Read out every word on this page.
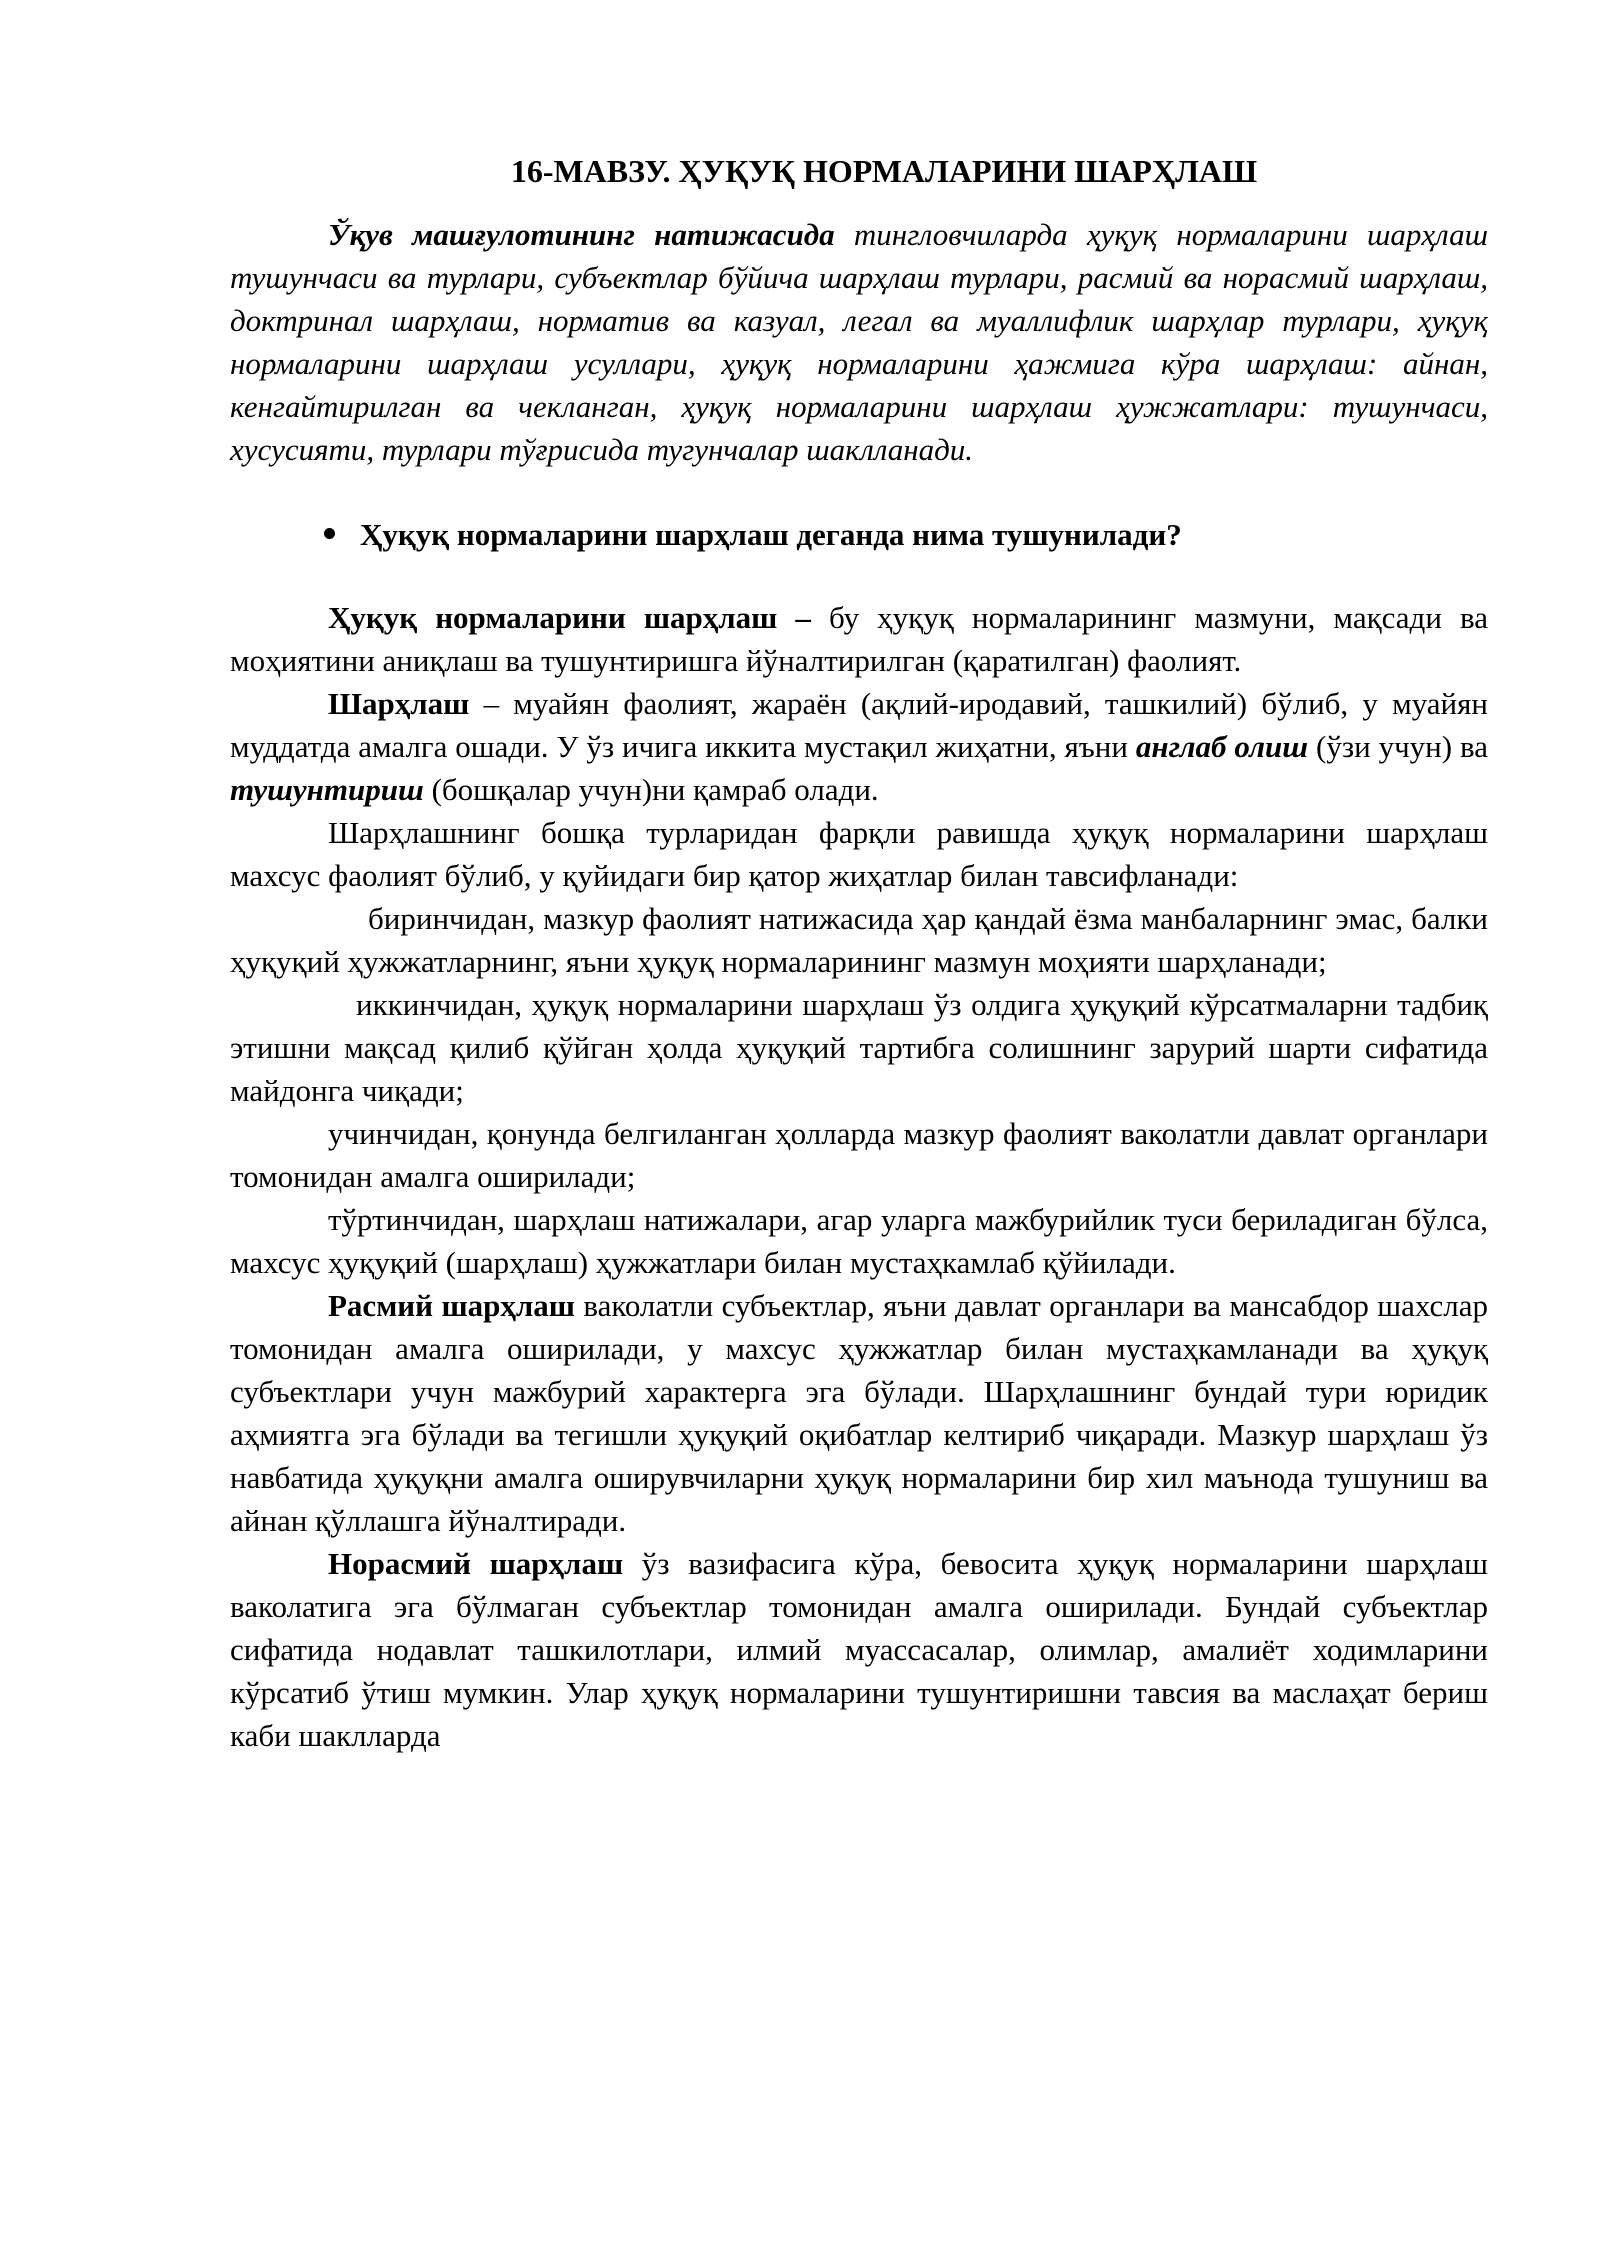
16-МАВЗУ. ҲУҚУҚ НОРМАЛАРИНИ ШАРҲЛАШ

Ўқув машғулотининг натижасида тингловчиларда ҳуқуқ нормаларини шарҳлаш тушунчаси ва турлари, субъектлар бўйича шарҳлаш турлари, расмий ва норасмий шарҳлаш, доктринал шарҳлаш, норматив ва казуал, легал ва муаллифлик шарҳлар турлари, ҳуқуқ нормаларини шарҳлаш усуллари, ҳуқуқ нормаларини ҳажмига кўра шарҳлаш: айнан, кенгайтирилган ва чекланган, ҳуқуқ нормаларини шарҳлаш ҳужжатлари: тушунчаси, хусусияти, турлари тўғрисида тугунчалар шаклланади.

Ҳуқуқ нормаларини шарҳлаш деганда нима тушунилади?

Ҳуқуқ нормаларини шарҳлаш – бу ҳуқуқ нормаларининг мазмуни, мақсади ва моҳиятини аниқлаш ва тушунтиришга йўналтирилган (қаратилган) фаолият.

Шарҳлаш – муайян фаолият, жараён (ақлий-иродавий, ташкилий) бўлиб, у муайян муддатда амалга ошади. У ўз ичига иккита мустақил жиҳатни, яъни англаб олиш (ўзи учун) ва тушунтириш (бошқалар учун)ни қамраб олади.

Шарҳлашнинг бошқа турларидан фарқли равишда ҳуқуқ нормаларини шарҳлаш махсус фаолият бўлиб, у қуйидаги бир қатор жиҳатлар билан тавсифланади:

биринчидан, мазкур фаолият натижасида ҳар қандай ёзма манбаларнинг эмас, балки ҳуқуқий ҳужжатларнинг, яъни ҳуқуқ нормаларининг мазмун моҳияти шарҳланади;

иккинчидан, ҳуқуқ нормаларини шарҳлаш ўз олдига ҳуқуқий кўрсатмаларни тадбиқ этишни мақсад қилиб қўйган ҳолда ҳуқуқий тартибга солишнинг зарурий шарти сифатида майдонга чиқади;

учинчидан, қонунда белгиланган ҳолларда мазкур фаолият ваколатли давлат органлари томонидан амалга оширилади;

тўртинчидан, шарҳлаш натижалари, агар уларга мажбурийлик туси бериладиган бўлса, махсус ҳуқуқий (шарҳлаш) ҳужжатлари билан мустаҳкамлаб қўйилади.

Расмий шарҳлаш ваколатли субъектлар, яъни давлат органлари ва мансабдор шахслар томонидан амалга оширилади, у махсус ҳужжатлар билан мустаҳкамланади ва ҳуқуқ субъектлари учун мажбурий характерга эга бўлади. Шарҳлашнинг бундай тури юридик аҳмиятга эга бўлади ва тегишли ҳуқуқий оқибатлар келтириб чиқаради. Мазкур шарҳлаш ўз навбатида ҳуқуқни амалга оширувчиларни ҳуқуқ нормаларини бир хил маънода тушуниш ва айнан қўллашга йўналтиради.

Норасмий шарҳлаш ўз вазифасига кўра, бевосита ҳуқуқ нормаларини шарҳлаш ваколатига эга бўлмаган субъектлар томонидан амалга оширилади. Бундай субъектлар сифатида нодавлат ташкилотлари, илмий муассасалар, олимлар, амалиёт ходимларини кўрсатиб ўтиш мумкин. Улар ҳуқуқ нормаларини тушунтиришни тавсия ва маслаҳат бериш каби шаклларда
